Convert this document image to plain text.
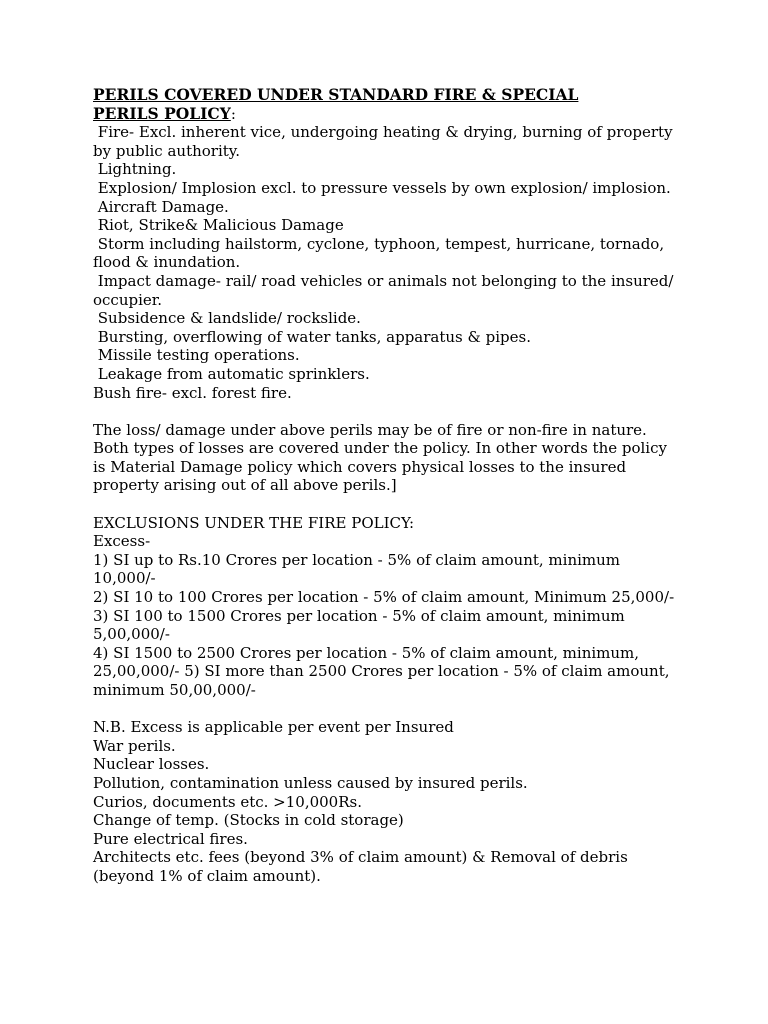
PERILS COVERED UNDER STANDARD FIRE & SPECIAL
PERILS POLICY:
Fire- Excl. inherent vice, undergoing heating & drying, burning of property by public authority.
Lightning.
Explosion/ Implosion excl. to pressure vessels by own explosion/ implosion.
Aircraft Damage.
Riot, Strike& Malicious Damage
Storm including hailstorm, cyclone, typhoon, tempest, hurricane, tornado, flood & inundation.
Impact damage- rail/ road vehicles or animals not belonging to the insured/ occupier.
Subsidence & landslide/ rockslide.
Bursting, overflowing of water tanks, apparatus & pipes.
Missile testing operations.
Leakage from automatic sprinklers.
Bush fire- excl. forest fire.

The loss/ damage under above perils may be of fire or non-fire in nature. Both types of losses are covered under the policy. In other words the policy is Material Damage policy which covers physical losses to the insured property arising out of all above perils.]

EXCLUSIONS UNDER THE FIRE POLICY:
Excess-
1) SI up to Rs.10 Crores per location - 5% of claim amount, minimum 10,000/-
2) SI 10 to 100 Crores per location - 5% of claim amount, Minimum 25,000/-
3) SI 100 to 1500 Crores per location - 5% of claim amount, minimum 5,00,000/-
4) SI 1500 to 2500 Crores per location - 5% of claim amount, minimum, 25,00,000/- 5) SI more than 2500 Crores per location - 5% of claim amount, minimum 50,00,000/-
N.B. Excess is applicable per event per Insured
War perils.
Nuclear losses.
Pollution, contamination unless caused by insured perils.
Curios, documents etc. >10,000Rs.
Change of temp. (Stocks in cold storage)
Pure electrical fires.
Architects etc. fees (beyond 3% of claim amount) & Removal of debris (beyond 1% of claim amount).
